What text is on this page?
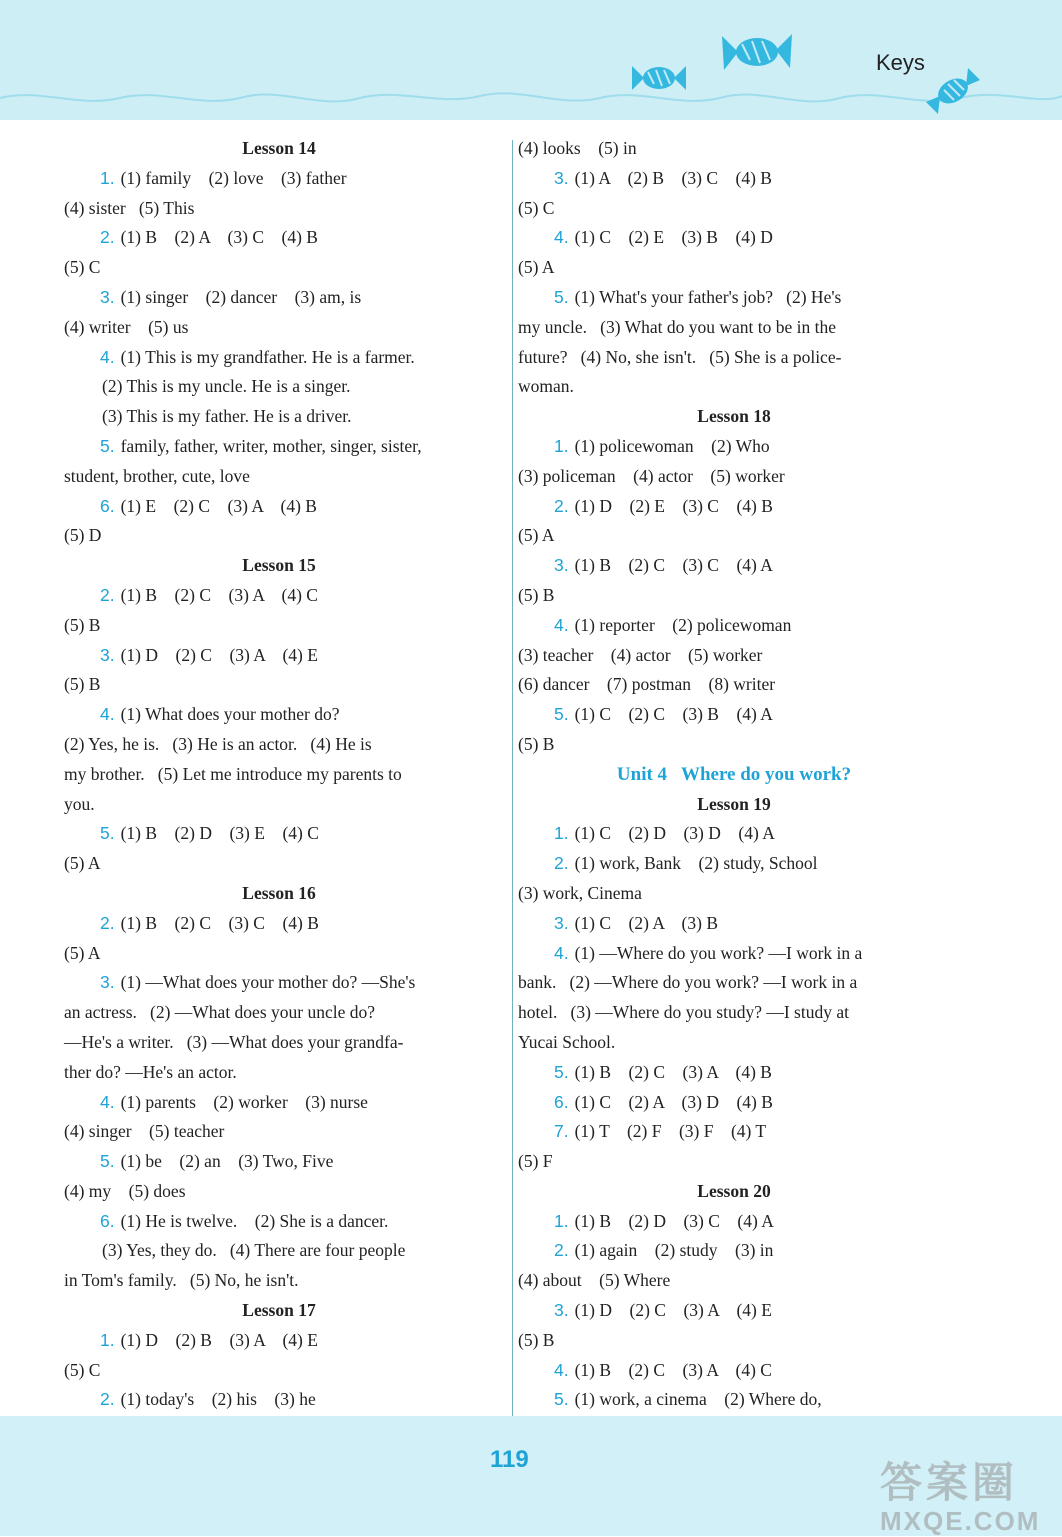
Keys
Lesson 14
1. (1) family    (2) love    (3) father
(4) sister   (5) This
2. (1) B    (2) A    (3) C    (4) B
(5) C
3. (1) singer    (2) dancer    (3) am, is
(4) writer    (5) us
4. (1) This is my grandfather. He is a farmer.
(2) This is my uncle. He is a singer.
(3) This is my father. He is a driver.
5. family, father, writer, mother, singer, sister,
student, brother, cute, love
6. (1) E    (2) C    (3) A    (4) B
(5) D
Lesson 15
2. (1) B    (2) C    (3) A    (4) C
(5) B
3. (1) D    (2) C    (3) A    (4) E
(5) B
4. (1) What does your mother do?
(2) Yes, he is.   (3) He is an actor.   (4) He is
my brother.   (5) Let me introduce my parents to
you.
5. (1) B    (2) D    (3) E    (4) C
(5) A
Lesson 16
2. (1) B    (2) C    (3) C    (4) B
(5) A
3. (1) —What does your mother do? —She's
an actress.   (2) —What does your uncle do?
—He's a writer.   (3) —What does your grandfa-
ther do? —He's an actor.
4. (1) parents    (2) worker    (3) nurse
(4) singer    (5) teacher
5. (1) be    (2) an    (3) Two, Five
(4) my    (5) does
6. (1) He is twelve.    (2) She is a dancer.
(3) Yes, they do.   (4) There are four people
in Tom's family.   (5) No, he isn't.
Lesson 17
1. (1) D    (2) B    (3) A    (4) E
(5) C
2. (1) today's    (2) his    (3) he
(4) looks    (5) in
3. (1) A    (2) B    (3) C    (4) B
(5) C
4. (1) C    (2) E    (3) B    (4) D
(5) A
5. (1) What's your father's job?   (2) He's
my uncle.   (3) What do you want to be in the
future?   (4) No, she isn't.   (5) She is a police-
woman.
Lesson 18
1. (1) policewoman    (2) Who
(3) policeman    (4) actor    (5) worker
2. (1) D    (2) E    (3) C    (4) B
(5) A
3. (1) B    (2) C    (3) C    (4) A
(5) B
4. (1) reporter    (2) policewoman
(3) teacher    (4) actor    (5) worker
(6) dancer    (7) postman    (8) writer
5. (1) C    (2) C    (3) B    (4) A
(5) B
Unit 4   Where do you work?
Lesson 19
1. (1) C    (2) D    (3) D    (4) A
2. (1) work, Bank    (2) study, School
(3) work, Cinema
3. (1) C    (2) A    (3) B
4. (1) —Where do you work? —I work in a
bank.   (2) —Where do you work? —I work in a
hotel.   (3) —Where do you study? —I study at
Yucai School.
5. (1) B    (2) C    (3) A    (4) B
6. (1) C    (2) A    (3) D    (4) B
7. (1) T    (2) F    (3) F    (4) T
(5) F
Lesson 20
1. (1) B    (2) D    (3) C    (4) A
2. (1) again    (2) study    (3) in
(4) about    (5) Where
3. (1) D    (2) C    (3) A    (4) E
(5) B
4. (1) B    (2) C    (3) A    (4) C
5. (1) work, a cinema    (2) Where do,
119	答案圈
MXQE.COM
